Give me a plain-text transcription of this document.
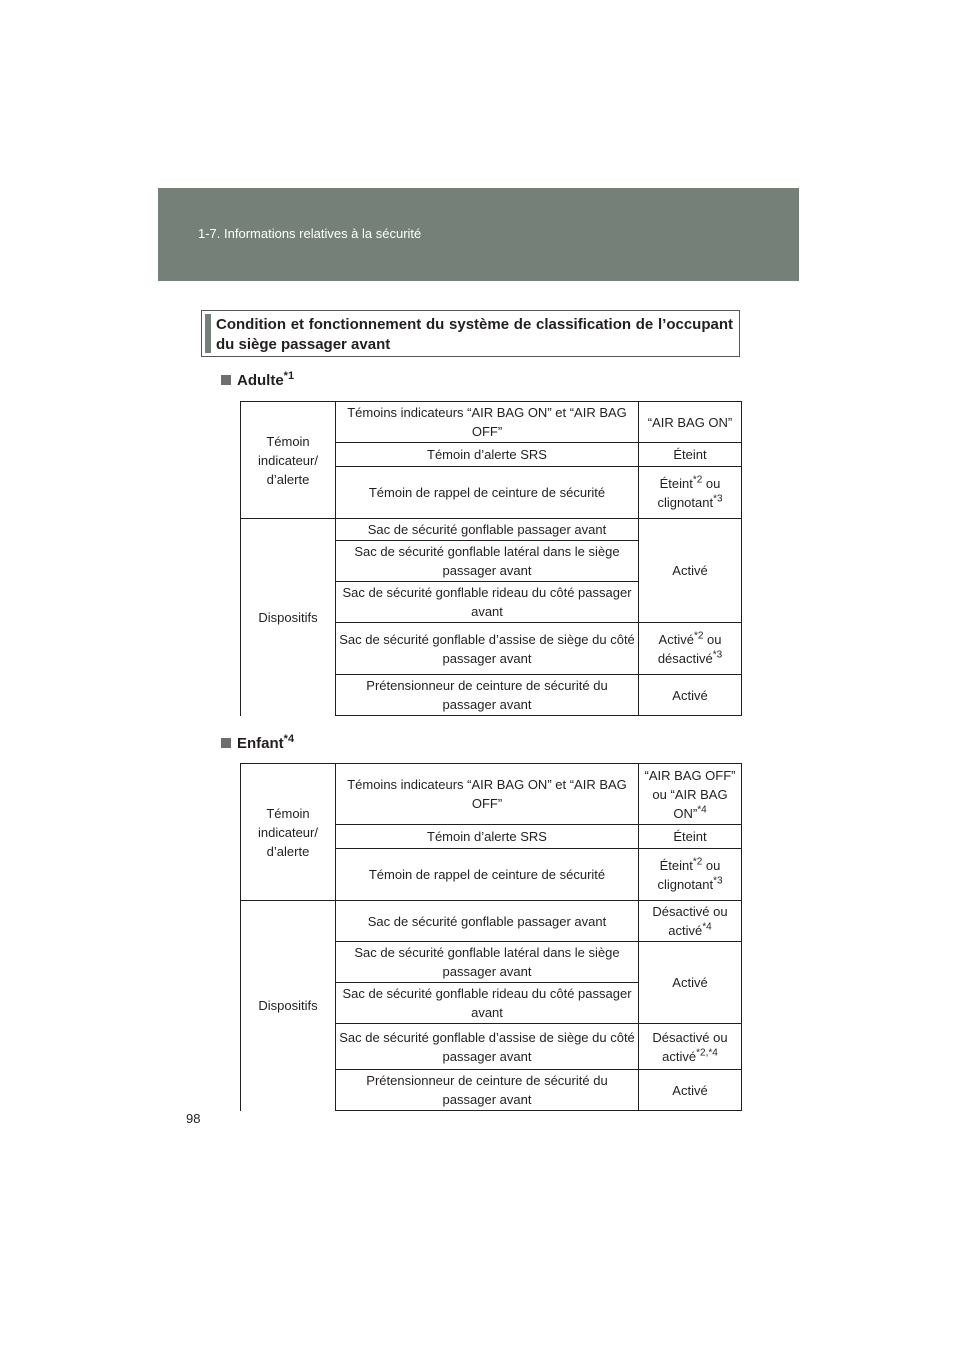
1-7. Informations relatives à la sécurité
Condition et fonctionnement du système de classification de l’occupant du siège passager avant
Adulte$^{*1}$
Témoin indicateur/ d’alerte	Témoins indicateurs “AIR BAG ON” et “AIR BAG OFF”	“AIR BAG ON”
	Témoin d’alerte SRS	Éteint
	Témoin de rappel de ceinture de sécurité	Éteint$^{*2}$ ou clignotant$^{*3}$
Dispositifs	Sac de sécurité gonflable passager avant	Activé
	Sac de sécurité gonflable latéral dans le siège passager avant	
	Sac de sécurité gonflable rideau du côté passager avant	
	Sac de sécurité gonflable d’assise de siège du côté passager avant	Activé$^{*2}$ ou désactivé$^{*3}$
	Prétensionneur de ceinture de sécurité du passager avant	Activé
Enfant$^{*4}$
Témoin indicateur/ d’alerte	Témoins indicateurs “AIR BAG ON” et “AIR BAG OFF”	“AIR BAG OFF” ou “AIR BAG ON”$^{*4}$
	Témoin d’alerte SRS	Éteint
	Témoin de rappel de ceinture de sécurité	Éteint$^{*2}$ ou clignotant$^{*3}$
Dispositifs	Sac de sécurité gonflable passager avant	Désactivé ou activé$^{*4}$
	Sac de sécurité gonflable latéral dans le siège passager avant	Activé
	Sac de sécurité gonflable rideau du côté passager avant	
	Sac de sécurité gonflable d’assise de siège du côté passager avant	Désactivé ou activé$^{*2,*4}$
	Prétensionneur de ceinture de sécurité du passager avant	Activé
98
